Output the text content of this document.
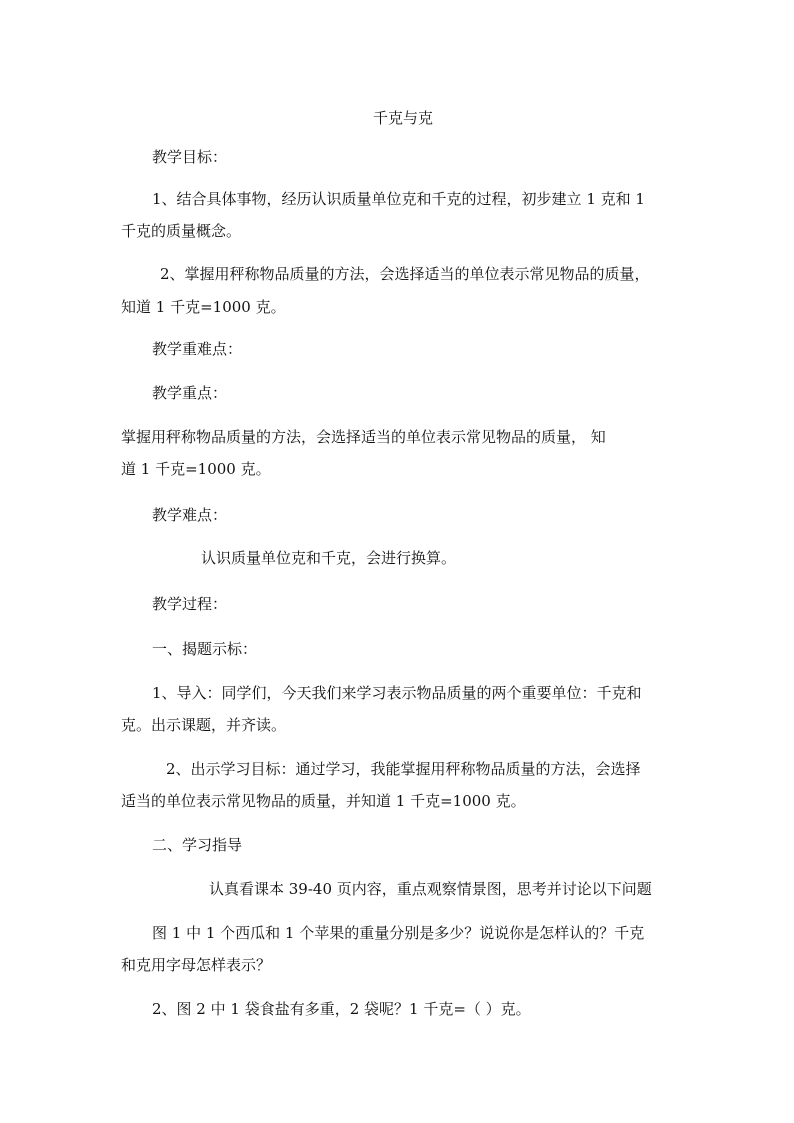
千克与克
教学目标：
1、结合具体事物，经历认识质量单位克和千克的过程，初步建立 1 克和 1
千克的质量概念。
2、掌握用秤称物品质量的方法，会选择适当的单位表示常见物品的质量，
知道 1 千克=1000 克。
教学重难点：
教学重点：
掌握用秤称物品质量的方法，会选择适当的单位表示常见物品的质量， 知
道 1 千克=1000 克。
教学难点：
认识质量单位克和千克，会进行换算。
教学过程：
一、揭题示标：
1、导入：同学们，今天我们来学习表示物品质量的两个重要单位：千克和
克。出示课题，并齐读。
2、出示学习目标：通过学习，我能掌握用秤称物品质量的方法，会选择
适当的单位表示常见物品的质量，并知道 1 千克=1000 克。
二、学习指导
认真看课本 39-40 页内容，重点观察情景图，思考并讨论以下问题
图 1 中 1 个西瓜和 1 个苹果的重量分别是多少？说说你是怎样认的？千克
和克用字母怎样表示？
2、图 2 中 1 袋食盐有多重，2 袋呢？1 千克=（ ）克。
